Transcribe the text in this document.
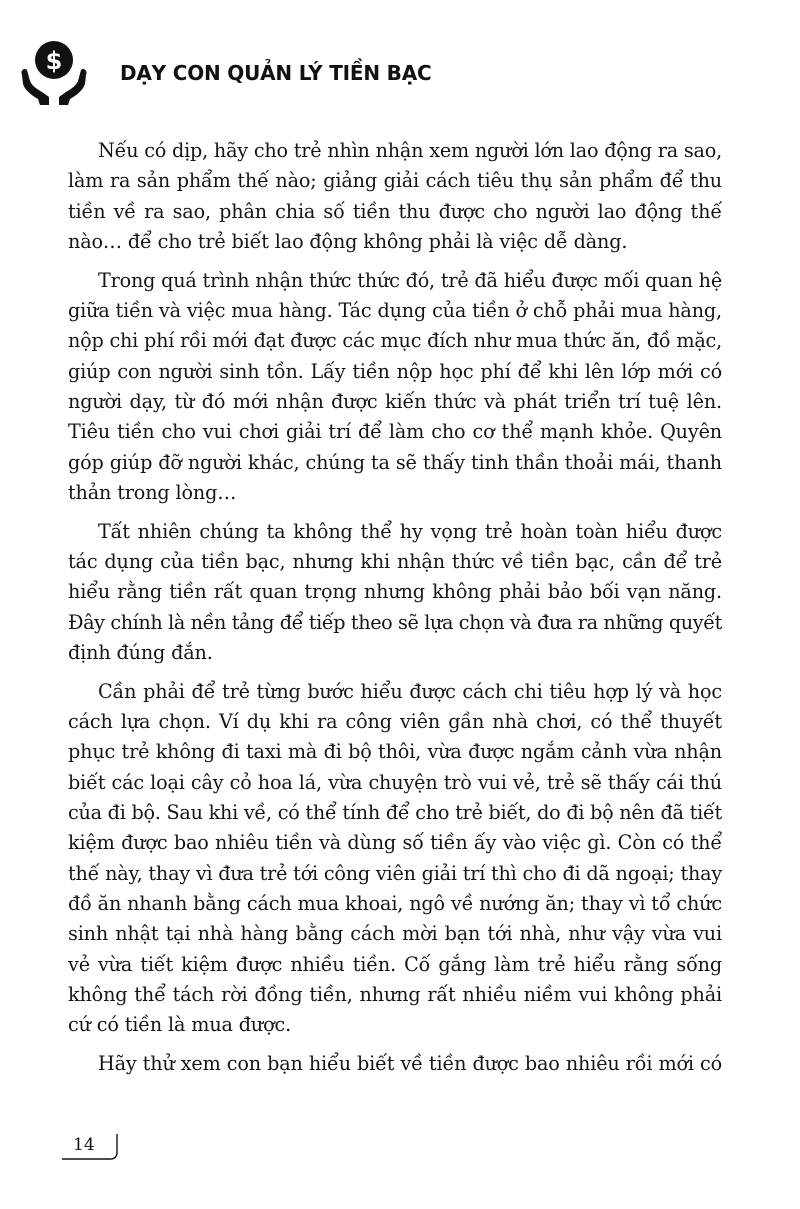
$	DẠY CON QUẢN LÝ TIỀN BẠC

Nếu có dịp, hãy cho trẻ nhìn nhận xem người lớn lao động ra sao,
làm ra sản phẩm thế nào; giảng giải cách tiêu thụ sản phẩm để thu
tiền về ra sao, phân chia số tiền thu được cho người lao động thế
nào… để cho trẻ biết lao động không phải là việc dễ dàng.

Trong quá trình nhận thức thức đó, trẻ đã hiểu được mối quan hệ
giữa tiền và việc mua hàng. Tác dụng của tiền ở chỗ phải mua hàng,
nộp chi phí rồi mới đạt được các mục đích như mua thức ăn, đồ mặc,
giúp con người sinh tồn. Lấy tiền nộp học phí để khi lên lớp mới có
người dạy, từ đó mới nhận được kiến thức và phát triển trí tuệ lên.
Tiêu tiền cho vui chơi giải trí để làm cho cơ thể mạnh khỏe. Quyên
góp giúp đỡ người khác, chúng ta sẽ thấy tinh thần thoải mái, thanh
thản trong lòng…

Tất nhiên chúng ta không thể hy vọng trẻ hoàn toàn hiểu được
tác dụng của tiền bạc, nhưng khi nhận thức về tiền bạc, cần để trẻ
hiểu rằng tiền rất quan trọng nhưng không phải bảo bối vạn năng.
Đây chính là nền tảng để tiếp theo sẽ lựa chọn và đưa ra những quyết
định đúng đắn.

Cần phải để trẻ từng bước hiểu được cách chi tiêu hợp lý và học
cách lựa chọn. Ví dụ khi ra công viên gần nhà chơi, có thể thuyết
phục trẻ không đi taxi mà đi bộ thôi, vừa được ngắm cảnh vừa nhận
biết các loại cây cỏ hoa lá, vừa chuyện trò vui vẻ, trẻ sẽ thấy cái thú
của đi bộ. Sau khi về, có thể tính để cho trẻ biết, do đi bộ nên đã tiết
kiệm được bao nhiêu tiền và dùng số tiền ấy vào việc gì. Còn có thể
thế này, thay vì đưa trẻ tới công viên giải trí thì cho đi dã ngoại; thay
đồ ăn nhanh bằng cách mua khoai, ngô về nướng ăn; thay vì tổ chức
sinh nhật tại nhà hàng bằng cách mời bạn tới nhà, như vậy vừa vui
vẻ vừa tiết kiệm được nhiều tiền. Cố gắng làm trẻ hiểu rằng sống
không thể tách rời đồng tiền, nhưng rất nhiều niềm vui không phải
cứ có tiền là mua được.

Hãy thử xem con bạn hiểu biết về tiền được bao nhiêu rồi mới có

14
